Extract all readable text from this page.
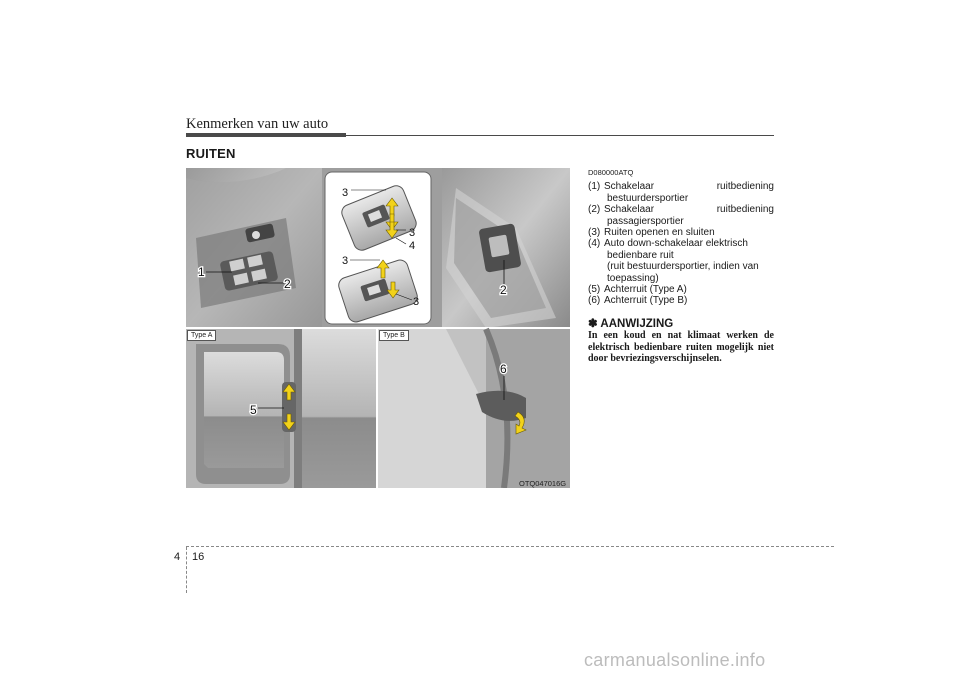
Kenmerken van uw auto
RUITEN
1
2
3
3
4
3
3
2
5
6
Type A	Type B
OTQ047016G
D080000ATQ
(1) Schakelaar ruitbediening
bestuurdersportier
(2) Schakelaar ruitbediening
passagiersportier
(3) Ruiten openen en sluiten
(4) Auto down-schakelaar elektrisch
bedienbare ruit
(ruit bestuurdersportier, indien van toepassing)
(5) Achterruit (Type A)
(6) Achterruit (Type B)
✽ AANWIJZING
In een koud en nat klimaat werken de elektrisch bedienbare ruiten mogelijk niet door bevriezingsverschijnselen.
4 16
carmanualsonline.info
